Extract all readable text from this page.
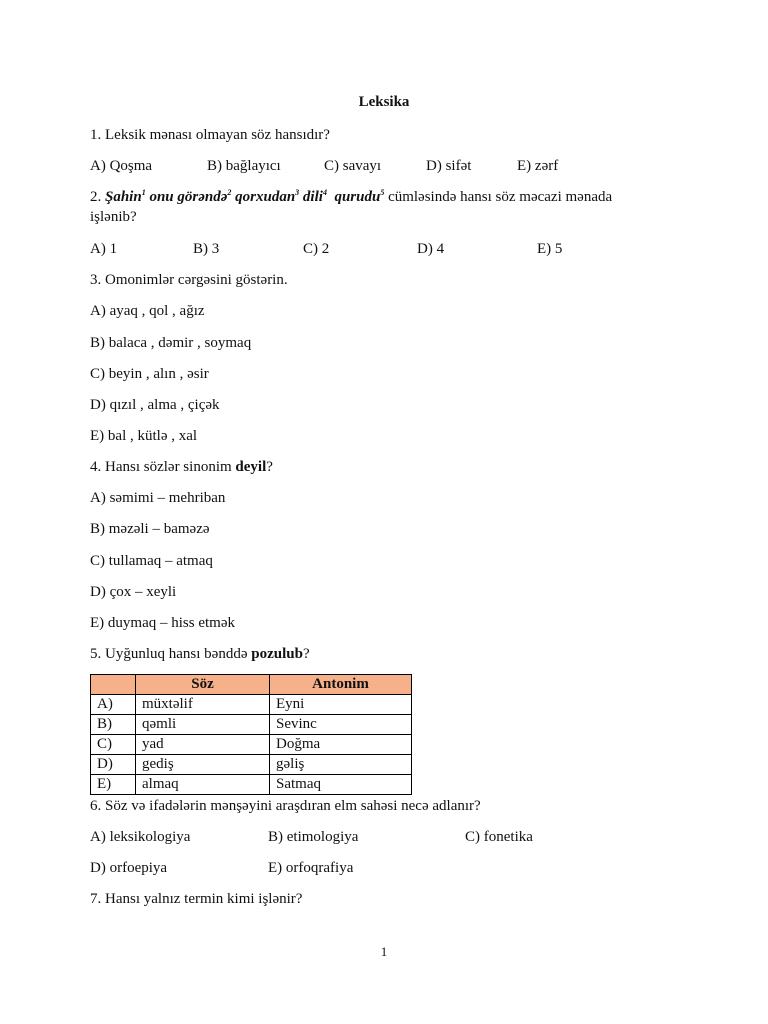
Leksika
1. Leksik mənası olmayan söz hansıdır?
A) Qoşma	B) bağlayıcı	C) savayı	D) sifət	E) zərf
2. Şahin$^1$ onu görəndə$^2$ qorxudan$^3$ dili$^4$ qurudu$^5$ cümləsində hansı söz məcazi mənada
işlənib?
A) 1	B) 3	C) 2	D) 4	E) 5
3. Omonimlər cərgəsini göstərin.
A) ayaq , qol , ağız
B) balaca , dəmir , soymaq
C) beyin , alın , əsir
D) qızıl , alma , çiçək
E) bal , kütlə , xal
4. Hansı sözlər sinonim deyil?
A) səmimi – mehriban
B) məzəli – baməzə
C) tullamaq – atmaq
D) çox – xeyli
E) duymaq – hiss etmək
5. Uyğunluq hansı bənddə pozulub?
	Söz	Antonim
A)	müxtəlif	Eyni
B)	qəmli	Sevinc
C)	yad	Doğma
D)	gediş	gəliş
E)	almaq	Satmaq
6. Söz və ifadələrin mənşəyini araşdıran elm sahəsi necə adlanır?
A) leksikologiya	B) etimologiya	C) fonetika
D) orfoepiya	E) orfoqrafiya
7. Hansı yalnız termin kimi işlənir?
1
